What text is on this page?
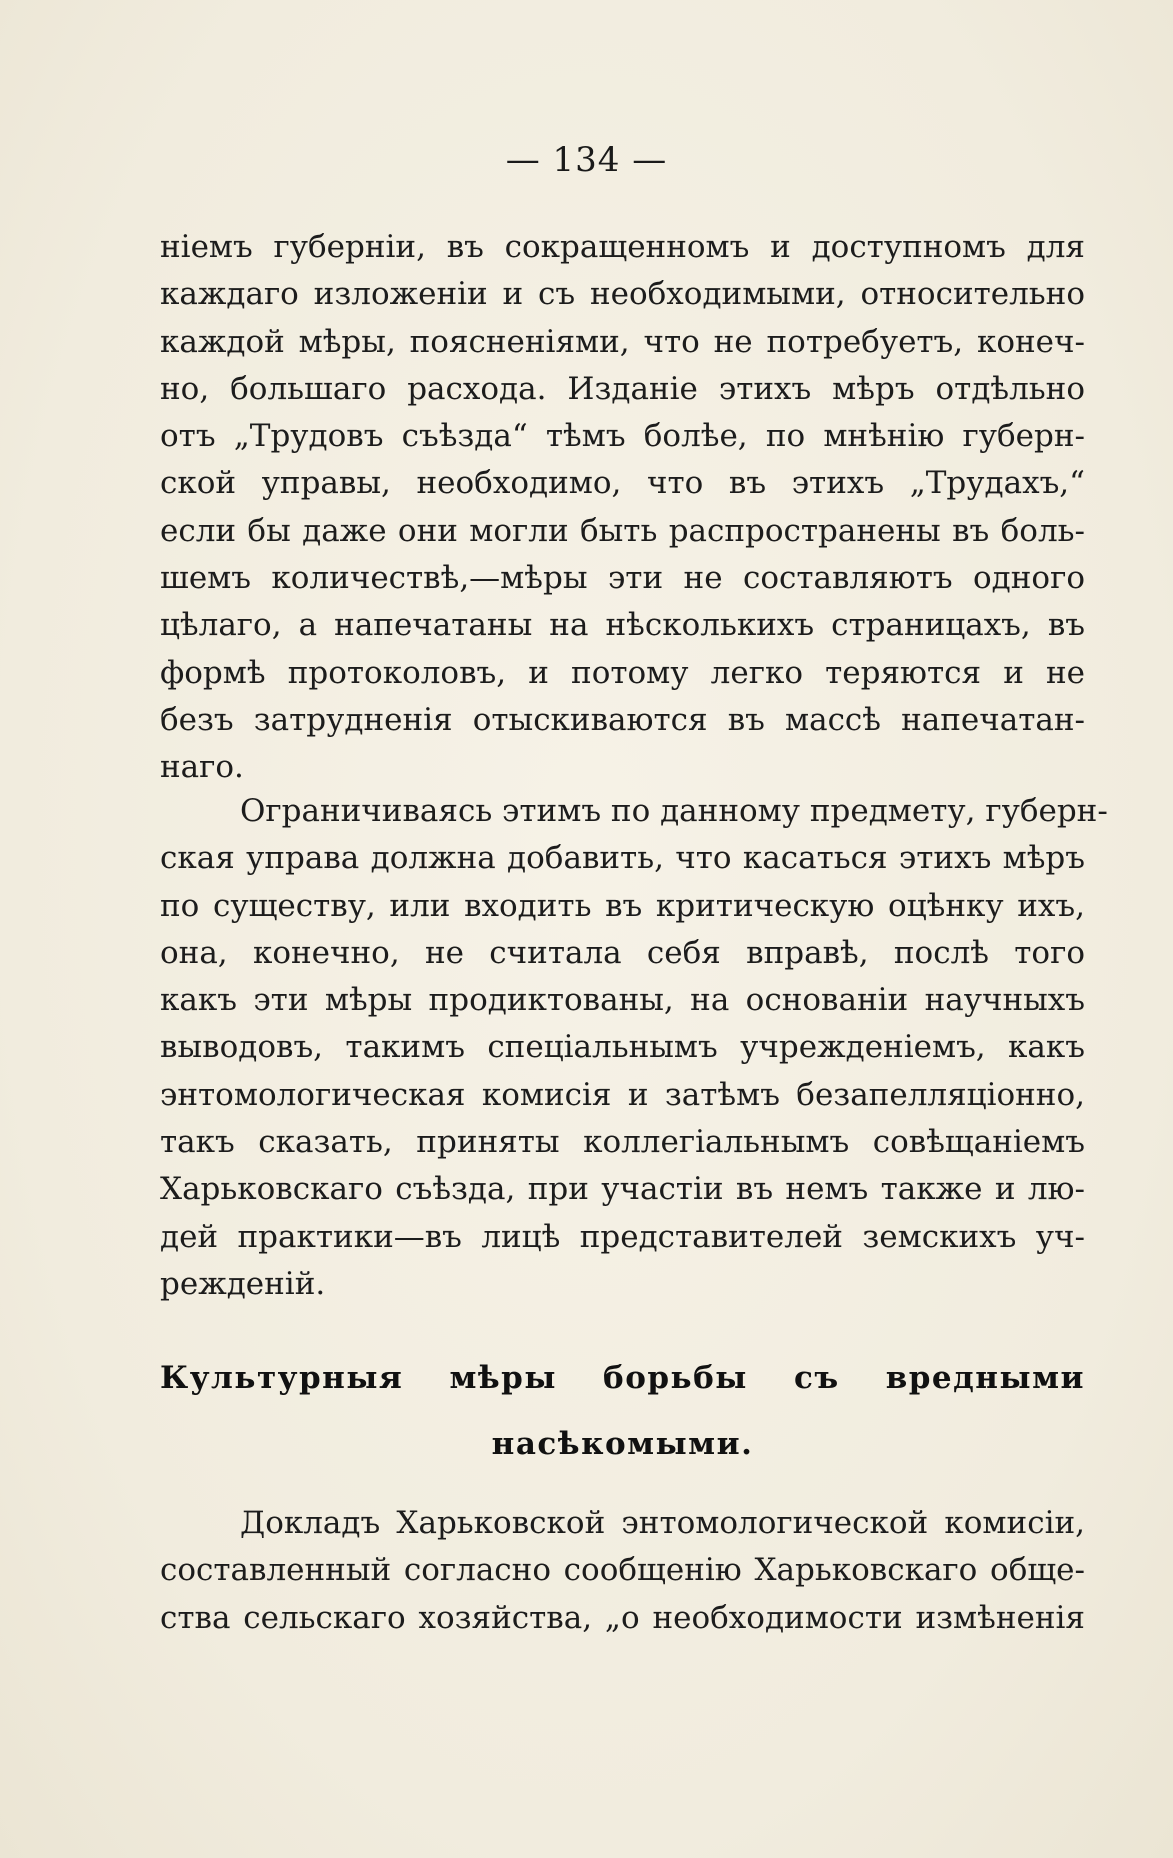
— 134 —
ніемъ губерніи, въ сокращенномъ и доступномъ для
каждаго изложеніи и съ необходимыми, относительно
каждой мѣры, поясненіями, что не потребуетъ, конеч-
но, большаго расхода. Изданіе этихъ мѣръ отдѣльно
отъ „Трудовъ съѣзда“ тѣмъ болѣе, по мнѣнію губерн-
ской управы, необходимо, что въ этихъ „Трудахъ,“
если бы даже они могли быть распространены въ боль-
шемъ количествѣ,—мѣры эти не составляютъ одного
цѣлаго, а напечатаны на нѣсколькихъ страницахъ, въ
формѣ протоколовъ, и потому легко теряются и не
безъ затрудненія отыскиваются въ массѣ напечатан-
наго.
Ограничиваясь этимъ по данному предмету, губерн-
ская управа должна добавить, что касаться этихъ мѣръ
по существу, или входить въ критическую оцѣнку ихъ,
она, конечно, не считала себя вправѣ, послѣ того
какъ эти мѣры продиктованы, на основаніи научныхъ
выводовъ, такимъ спеціальнымъ учрежденіемъ, какъ
энтомологическая комисія и затѣмъ безапелляціонно,
такъ сказать, приняты коллегіальнымъ совѣщаніемъ
Харьковскаго съѣзда, при участіи въ немъ также и лю-
дей практики—въ лицѣ представителей земскихъ уч-
режденій.
Культурныя мѣры борьбы съ вредными
насѣкомыми.
Докладъ Харьковской энтомологической комисіи,
составленный согласно сообщенію Харьковскаго обще-
ства сельскаго хозяйства, „о необходимости измѣненія
